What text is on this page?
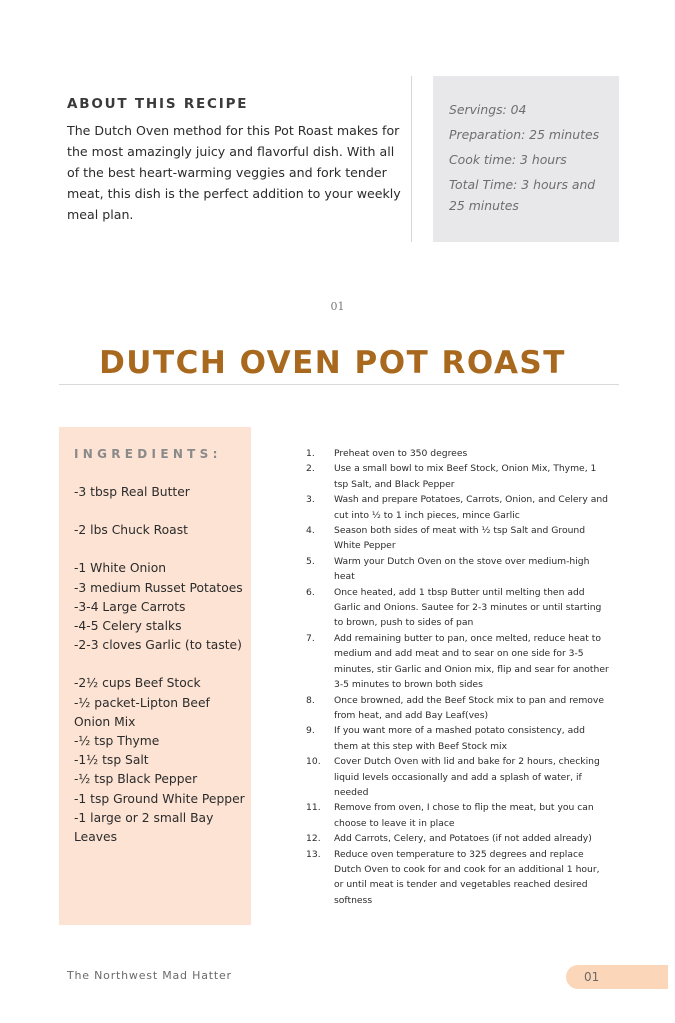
ABOUT THIS RECIPE

The Dutch Oven method for this Pot Roast makes for the most amazingly juicy and flavorful dish. With all of the best heart-warming veggies and fork tender meat, this dish is the perfect addition to your weekly meal plan.

Servings: 04

Preparation: 25 minutes

Cook time: 3 hours

Total Time: 3 hours and 25 minutes

01
DUTCH OVEN POT ROAST
INGREDIENTS:
-3 tbsp Real Butter
-2 lbs Chuck Roast
-1 White Onion
-3 medium Russet Potatoes
-3-4 Large Carrots
-4-5 Celery stalks
-2-3 cloves Garlic (to taste)
-2½ cups Beef Stock
-½ packet-Lipton Beef Onion Mix
-½ tsp Thyme
-1½ tsp Salt
-½ tsp Black Pepper
-1 tsp Ground White Pepper
-1 large or 2 small Bay Leaves
1. Preheat oven to 350 degrees
2. Use a small bowl to mix Beef Stock, Onion Mix, Thyme, 1 tsp Salt, and Black Pepper
3. Wash and prepare Potatoes, Carrots, Onion, and Celery and cut into ½ to 1 inch pieces, mince Garlic
4. Season both sides of meat with ½ tsp Salt and Ground White Pepper
5. Warm your Dutch Oven on the stove over medium-high heat
6. Once heated, add 1 tbsp Butter until melting then add Garlic and Onions. Sautee for 2-3 minutes or until starting to brown, push to sides of pan
7. Add remaining butter to pan, once melted, reduce heat to medium and add meat and to sear on one side for 3-5 minutes, stir Garlic and Onion mix, flip and sear for another 3-5 minutes to brown both sides
8. Once browned, add the Beef Stock mix to pan and remove from heat, and add Bay Leaf(ves)
9. If you want more of a mashed potato consistency, add them at this step with Beef Stock mix
10. Cover Dutch Oven with lid and bake for 2 hours, checking liquid levels occasionally and add a splash of water, if needed
11. Remove from oven, I chose to flip the meat, but you can choose to leave it in place
12. Add Carrots, Celery, and Potatoes (if not added already)
13. Reduce oven temperature to 325 degrees and replace Dutch Oven to cook for and cook for an additional 1 hour, or until meat is tender and vegetables reached desired softness
The Northwest Mad Hatter	01
